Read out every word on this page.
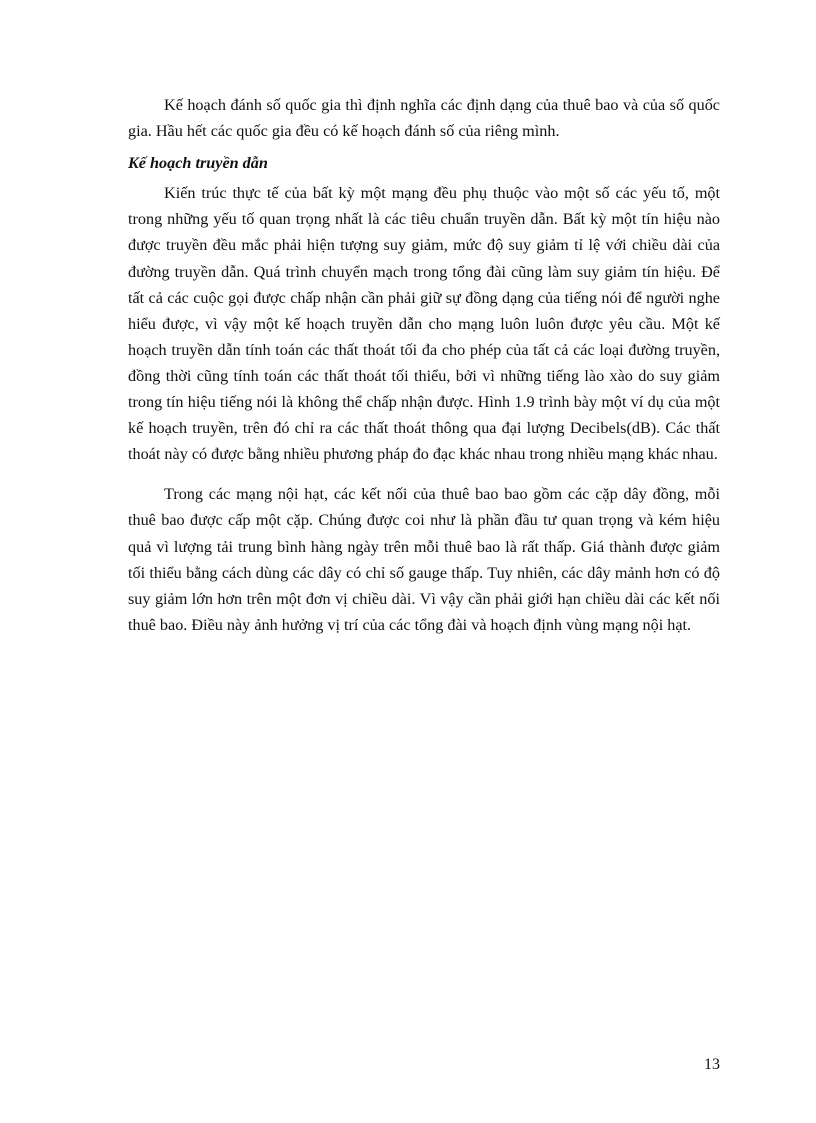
Kế hoạch đánh số quốc gia thì định nghĩa các định dạng của thuê bao và của số quốc gia. Hầu hết các quốc gia đều có kế hoạch đánh số của riêng mình.

Kế hoạch truyền dẫn

Kiến trúc thực tế của bất kỳ một mạng đều phụ thuộc vào một số các yếu tố, một trong những yếu tố quan trọng nhất là các tiêu chuẩn truyền dẫn. Bất kỳ một tín hiệu nào được truyền đều mắc phải hiện tượng suy giảm, mức độ suy giảm tỉ lệ với chiều dài của đường truyền dẫn. Quá trình chuyển mạch trong tổng đài cũng làm suy giảm tín hiệu. Để tất cả các cuộc gọi được chấp nhận cần phải giữ sự đồng dạng của tiếng nói để người nghe hiểu được, vì vậy một kế hoạch truyền dẫn cho mạng luôn luôn được yêu cầu. Một kế hoạch truyền dẫn tính toán các thất thoát tối đa cho phép của tất cả các loại đường truyền, đồng thời cũng tính toán các thất thoát tối thiểu, bởi vì những tiếng lào xào do suy giảm trong tín hiệu tiếng nói là không thể chấp nhận được. Hình 1.9 trình bày một ví dụ của một kế hoạch truyền, trên đó chỉ ra các thất thoát thông qua đại lượng Decibels(dB). Các thất thoát này có được bằng nhiều phương pháp đo đạc khác nhau trong nhiều mạng khác nhau.

Trong các mạng nội hạt, các kết nối của thuê bao bao gồm các cặp dây đồng, mỗi thuê bao được cấp một cặp. Chúng được coi như là phần đầu tư quan trọng và kém hiệu quả vì lượng tải trung bình hàng ngày trên mỗi thuê bao là rất thấp. Giá thành được giảm tối thiểu bằng cách dùng các dây có chỉ số gauge thấp. Tuy nhiên, các dây mảnh hơn có độ suy giảm lớn hơn trên một đơn vị chiều dài. Vì vậy cần phải giới hạn chiều dài các kết nối thuê bao. Điều này ảnh hưởng vị trí của các tổng đài và hoạch định vùng mạng nội hạt.

13
